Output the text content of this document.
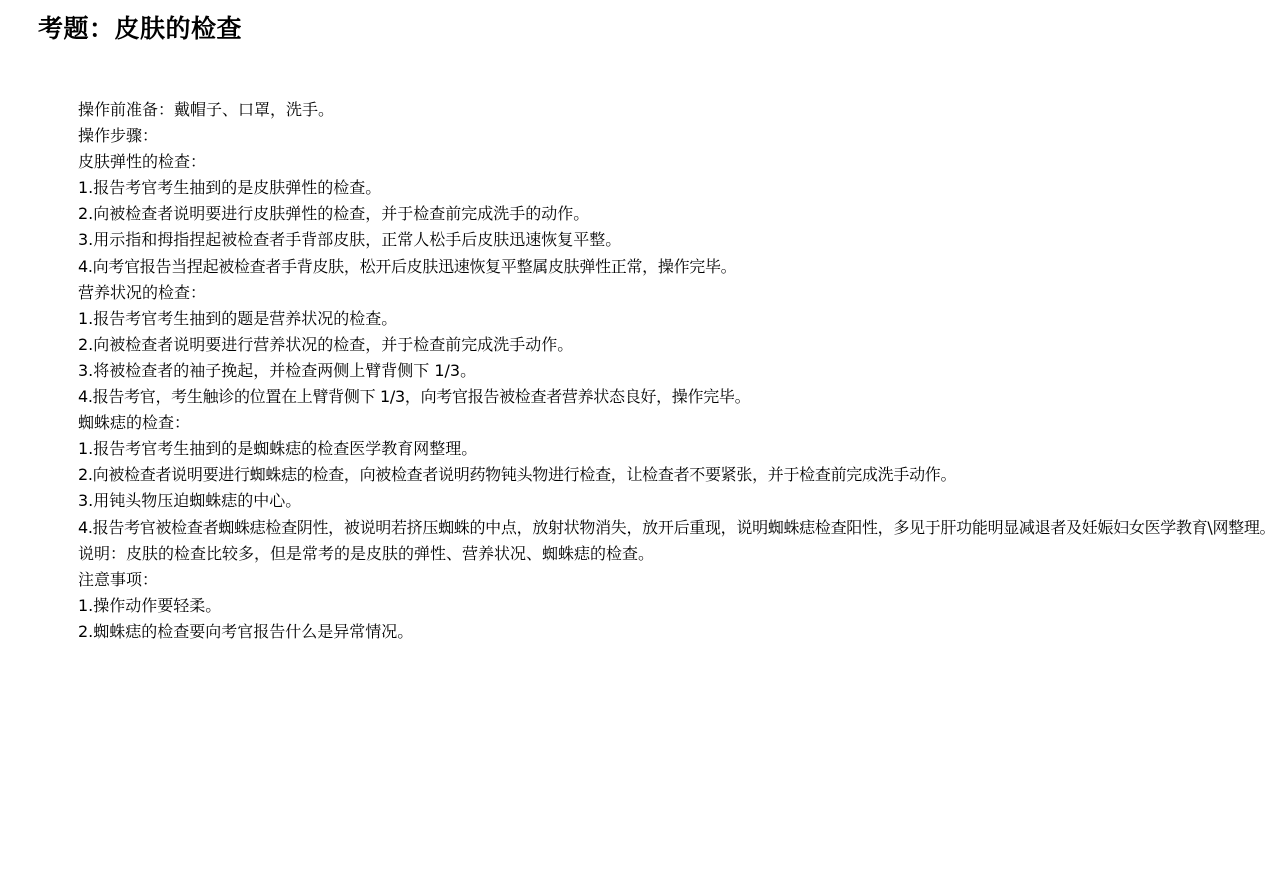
考题：皮肤的检查

操作前准备：戴帽子、口罩，洗手。

操作步骤：

皮肤弹性的检查：

1.报告考官考生抽到的是皮肤弹性的检查。

2.向被检查者说明要进行皮肤弹性的检查，并于检查前完成洗手的动作。

3.用示指和拇指捏起被检查者手背部皮肤，正常人松手后皮肤迅速恢复平整。

4.向考官报告当捏起被检查者手背皮肤，松开后皮肤迅速恢复平整属皮肤弹性正常，操作完毕。

营养状况的检查：

1.报告考官考生抽到的题是营养状况的检查。

2.向被检查者说明要进行营养状况的检查，并于检查前完成洗手动作。

3.将被检查者的袖子挽起，并检查两侧上臂背侧下 1/3。

4.报告考官，考生触诊的位置在上臂背侧下 1/3，向考官报告被检查者营养状态良好，操作完毕。

蜘蛛痣的检查：

1.报告考官考生抽到的是蜘蛛痣的检查医学教育网整理。

2.向被检查者说明要进行蜘蛛痣的检查，向被检查者说明药物钝头物进行检查，让检查者不要紧张，并于检查前完成洗手动作。

3.用钝头物压迫蜘蛛痣的中心。

4.报告考官被检查者蜘蛛痣检查阴性，被说明若挤压蜘蛛的中点，放射状物消失，放开后重现，说明蜘蛛痣检查阳性，多见于肝功能明显减退者及妊娠妇女医学教育\网整理。

说明：皮肤的检查比较多，但是常考的是皮肤的弹性、营养状况、蜘蛛痣的检查。

注意事项：

1.操作动作要轻柔。

2.蜘蛛痣的检查要向考官报告什么是异常情况。
